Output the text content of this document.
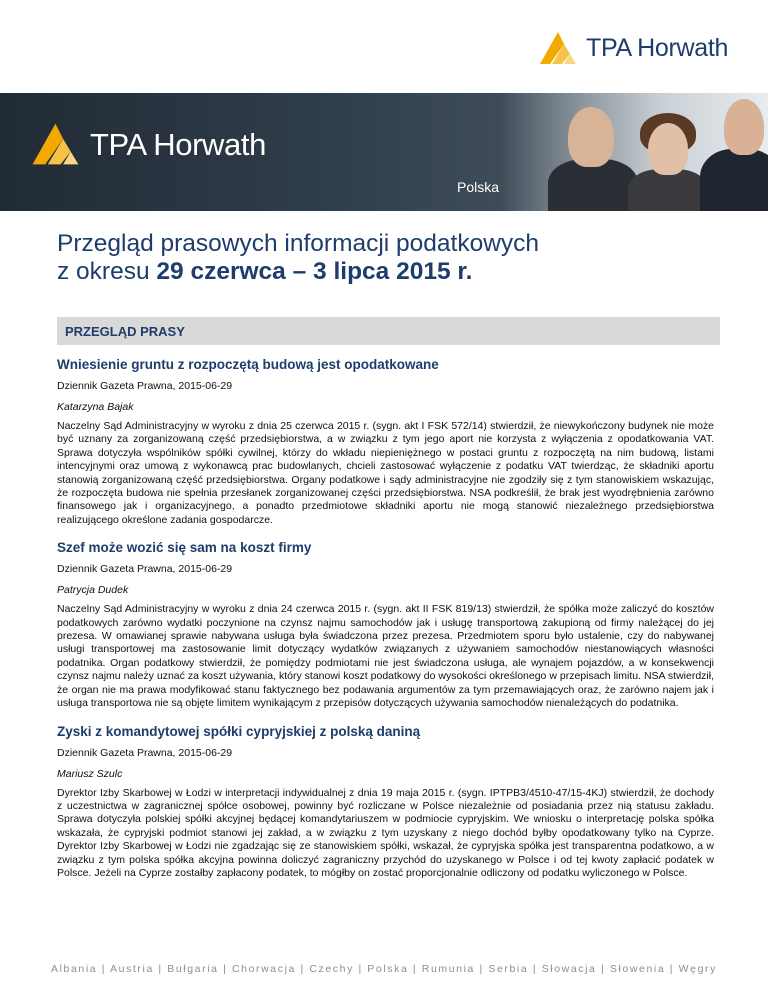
TPA Horwath
TPA Horwath
Polska
Przegląd prasowych informacji podatkowych
z okresu 29 czerwca – 3 lipca 2015 r.
PRZEGLĄD PRASY
Wniesienie gruntu z rozpoczętą budową jest opodatkowane
Dziennik Gazeta Prawna, 2015-06-29
Katarzyna Bajak
Naczelny Sąd Administracyjny w wyroku z dnia 25 czerwca 2015 r. (sygn. akt I FSK 572/14) stwierdził, że niewykończony budynek nie może być uznany za zorganizowaną część przedsiębiorstwa, a w związku z tym jego aport nie korzysta z wyłączenia z opodatkowania VAT. Sprawa dotyczyła wspólników spółki cywilnej, którzy do wkładu niepieniężnego w postaci gruntu z rozpoczętą na nim budową, listami intencyjnymi oraz umową z wykonawcą prac budowlanych, chcieli zastosować wyłączenie z podatku VAT twierdząc, że składniki aportu stanowią zorganizowaną część przedsiębiorstwa. Organy podatkowe i sądy administracyjne nie zgodziły się z tym stanowiskiem wskazując, że rozpoczęta budowa nie spełnia przesłanek zorganizowanej części przedsiębiorstwa. NSA podkreślił, że brak jest wyodrębnienia zarówno finansowego jak i organizacyjnego, a ponadto przedmiotowe składniki aportu nie mogą stanowić niezależnego przedsiębiorstwa realizującego określone zadania gospodarcze.
Szef może wozić się sam na koszt firmy
Dziennik Gazeta Prawna, 2015-06-29
Patrycja Dudek
Naczelny Sąd Administracyjny w wyroku z dnia 24 czerwca 2015 r. (sygn. akt II FSK 819/13) stwierdził, że spółka może zaliczyć do kosztów podatkowych zarówno wydatki poczynione na czynsz najmu samochodów jak i usługę transportową zakupioną od firmy należącej do jej prezesa. W omawianej sprawie nabywana usługa była świadczona przez prezesa. Przedmiotem sporu było ustalenie, czy do nabywanej usługi transportowej ma zastosowanie limit dotyczący wydatków związanych z używaniem samochodów niestanowiących własności podatnika. Organ podatkowy stwierdził, że pomiędzy podmiotami nie jest świadczona usługa, ale wynajem pojazdów, a w konsekwencji czynsz najmu należy uznać za koszt używania, który stanowi koszt podatkowy do wysokości określonego w przepisach limitu. NSA stwierdził, że organ nie ma prawa modyfikować stanu faktycznego bez podawania argumentów za tym przemawiających oraz, że zarówno najem jak i usługa transportowa nie są objęte limitem wynikającym z przepisów dotyczących używania samochodów nienależących do podatnika.
Zyski z komandytowej spółki cypryjskiej z polską daniną
Dziennik Gazeta Prawna, 2015-06-29
Mariusz Szulc
Dyrektor Izby Skarbowej w Łodzi w interpretacji indywidualnej z dnia 19 maja 2015 r. (sygn. IPTPB3/4510-47/15-4KJ) stwierdził, że dochody z uczestnictwa w zagranicznej spółce osobowej, powinny być rozliczane w Polsce niezależnie od posiadania przez nią statusu zakładu. Sprawa dotyczyła polskiej spółki akcyjnej będącej komandytariuszem w podmiocie cypryjskim. We wniosku o interpretację polska spółka wskazała, że cypryjski podmiot stanowi jej zakład, a w związku z tym uzyskany z niego dochód byłby opodatkowany tylko na Cyprze. Dyrektor Izby Skarbowej w Łodzi nie zgadzając się ze stanowiskiem spółki, wskazał, że cypryjska spółka jest transparentna podatkowo, a w związku z tym polska spółka akcyjna powinna doliczyć zagraniczny przychód do uzyskanego w Polsce i od tej kwoty zapłacić podatek w Polsce. Jeżeli na Cyprze zostałby zapłacony podatek, to mógłby on zostać proporcjonalnie odliczony od podatku wyliczonego w Polsce.
Albania | Austria | Bułgaria | Chorwacja | Czechy | Polska | Rumunia | Serbia | Słowacja | Słowenia | Węgry
